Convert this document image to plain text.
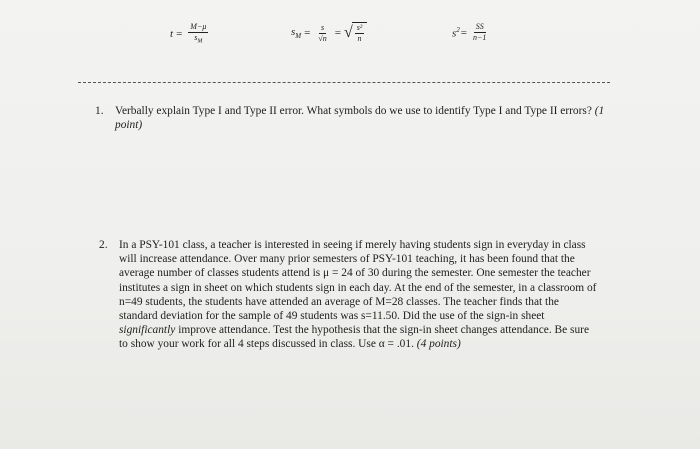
$t = \frac{M-\mu}{s_M}$	$s_M = \frac{s}{√n}$ = √ $\frac{\text{s²}}{n}$	$s^2 = \frac{SS}{n-1}$
1. Verbally explain Type I and Type II error. What symbols do we use to identify Type I and Type II errors? (1 point)
2. In a PSY-101 class, a teacher is interested in seeing if merely having students sign in everyday in class will increase attendance. Over many prior semesters of PSY-101 teaching, it has been found that the average number of classes students attend is μ = 24 of 30 during the semester. One semester the teacher institutes a sign in sheet on which students sign in each day. At the end of the semester, in a classroom of n=49 students, the students have attended an average of M=28 classes. The teacher finds that the standard deviation for the sample of 49 students was s=11.50. Did the use of the sign-in sheet significantly improve attendance. Test the hypothesis that the sign-in sheet changes attendance. Be sure to show your work for all 4 steps discussed in class. Use α = .01. (4 points)
